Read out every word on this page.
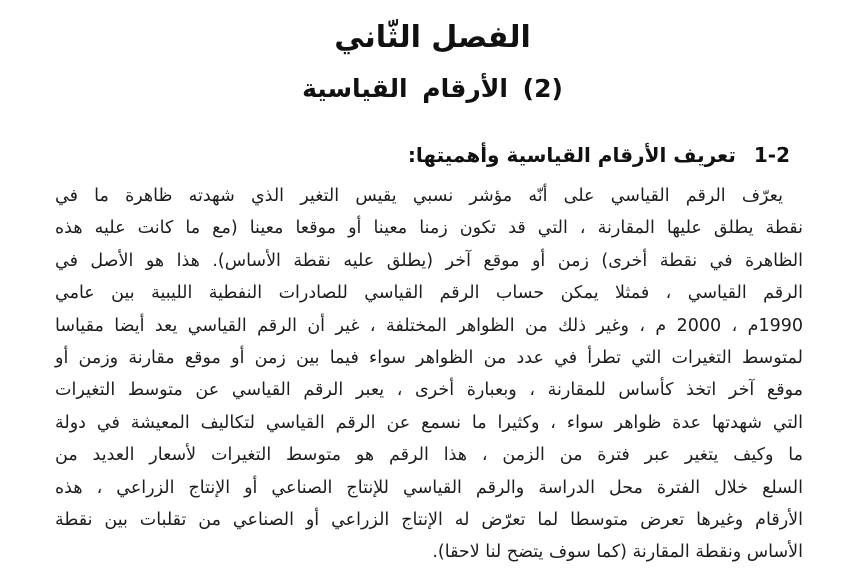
الفصل الثّاني
(2) الأرقام القياسية
1-2تعريف الأرقام القياسية وأهميتها:
يعرّف الرقم القياسي على أنّه مؤشر نسبي يقيس التغير الذي شهدته ظاهرة ما في
نقطة يطلق عليها المقارنة ، التي قد تكون زمنا معينا أو موقعا معينا (مع ما كانت عليه هذه
الظاهرة في نقطة أخرى) زمن أو موقع آخر (يطلق عليه نقطة الأساس). هذا هو الأصل في
الرقم القياسي ، فمثلا يمكن حساب الرقم القياسي للصادرات النفطية الليبية بين عامي
1990م ، 2000 م ، وغير ذلك من الظواهر المختلفة ، غير أن الرقم القياسي يعد أيضا مقياسا
لمتوسط التغيرات التي تطرأ في عدد من الظواهر سواء فيما بين زمن أو موقع مقارنة وزمن أو
موقع آخر اتخذ كأساس للمقارنة ، وبعبارة أخرى ، يعبر الرقم القياسي عن متوسط التغيرات
التي شهدتها عدة ظواهر سواء ، وكثيرا ما نسمع عن الرقم القياسي لتكاليف المعيشة في دولة
ما وكيف يتغير عبر فترة من الزمن ، هذا الرقم هو متوسط التغيرات لأسعار العديد من
السلع خلال الفترة محل الدراسة والرقم القياسي للإنتاج الصناعي أو الإنتاج الزراعي ، هذه
الأرقام وغيرها تعرض متوسطا لما تعرّض له الإنتاج الزراعي أو الصناعي من تقلبات بين نقطة
الأساس ونقطة المقارنة (كما سوف يتضح لنا لاحقا).
